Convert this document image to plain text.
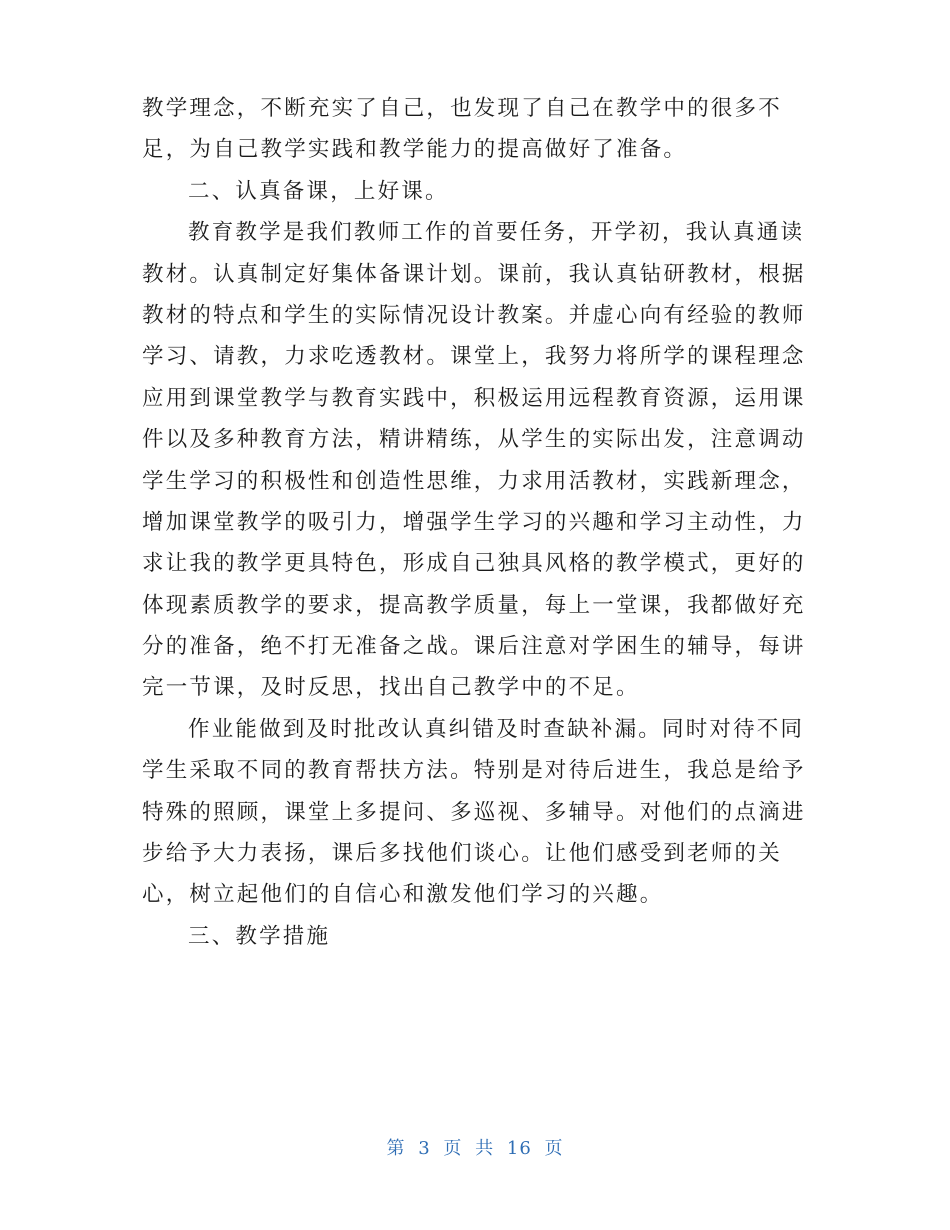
教学理念，不断充实了自己，也发现了自己在教学中的很多不
足，为自己教学实践和教学能力的提高做好了准备。
二、认真备课，上好课。
教育教学是我们教师工作的首要任务，开学初，我认真通读
教材。认真制定好集体备课计划。课前，我认真钻研教材，根据
教材的特点和学生的实际情况设计教案。并虚心向有经验的教师
学习、请教，力求吃透教材。课堂上，我努力将所学的课程理念
应用到课堂教学与教育实践中，积极运用远程教育资源，运用课
件以及多种教育方法，精讲精练，从学生的实际出发，注意调动
学生学习的积极性和创造性思维，力求用活教材，实践新理念，
增加课堂教学的吸引力，增强学生学习的兴趣和学习主动性，力
求让我的教学更具特色，形成自己独具风格的教学模式，更好的
体现素质教学的要求，提高教学质量，每上一堂课，我都做好充
分的准备，绝不打无准备之战。课后注意对学困生的辅导，每讲
完一节课，及时反思，找出自己教学中的不足。
作业能做到及时批改认真纠错及时查缺补漏。同时对待不同
学生采取不同的教育帮扶方法。特别是对待后进生，我总是给予
特殊的照顾，课堂上多提问、多巡视、多辅导。对他们的点滴进
步给予大力表扬，课后多找他们谈心。让他们感受到老师的关
心，树立起他们的自信心和激发他们学习的兴趣。
三、教学措施
第 3 页 共 16 页
